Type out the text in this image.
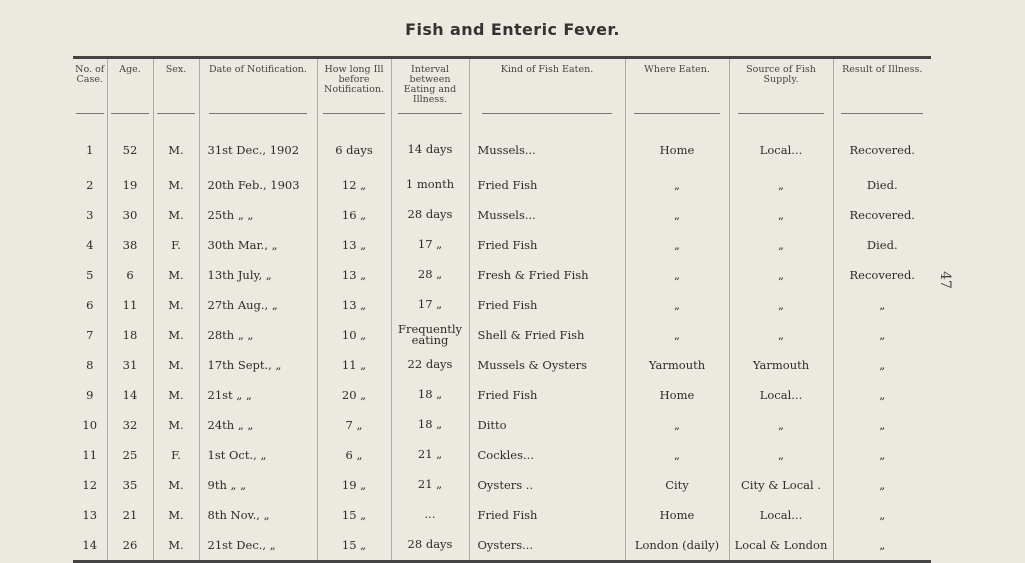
Fish and Enteric Fever.
47
No. of Case.	Age.	Sex.	Date of Notification.	How long Ill before Notification.	Interval between Eating and Illness.	Kind of Fish Eaten.	Where Eaten.	Source of Fish Supply.	Result of Illness.

1	52	M.	31st Dec., 1902	6 days	14 days	Mussels...	Home	Local...	Recovered.
2	19	M.	20th Feb., 1903	12 „	1 month	Fried Fish	„	„	Died.
3	30	M.	25th „ „	16 „	28 days	Mussels...	„	„	Recovered.
4	38	F.	30th Mar., „	13 „	17 „	Fried Fish	„	„	Died.
5	6	M.	13th July, „	13 „	28 „	Fresh & Fried Fish	„	„	Recovered.
6	11	M.	27th Aug., „	13 „	17 „	Fried Fish	„	„	„
7	18	M.	28th „ „	10 „	Frequently eating	Shell & Fried Fish	„	„	„
8	31	M.	17th Sept., „	11 „	22 days	Mussels & Oysters	Yarmouth	Yarmouth	„
9	14	M.	21st „ „	20 „	18 „	Fried Fish	Home	Local...	„
10	32	M.	24th „ „	7 „	18 „	Ditto	„	„	„
11	25	F.	1st Oct., „	6 „	21 „	Cockles...	„	„	„
12	35	M.	9th „ „	19 „	21 „	Oysters ..	City	City & Local .	„
13	21	M.	8th Nov., „	15 „	...	Fried Fish	Home	Local...	„
14	26	M.	21st Dec., „	15 „	28 days	Oysters...	London (daily)	Local & London	„
